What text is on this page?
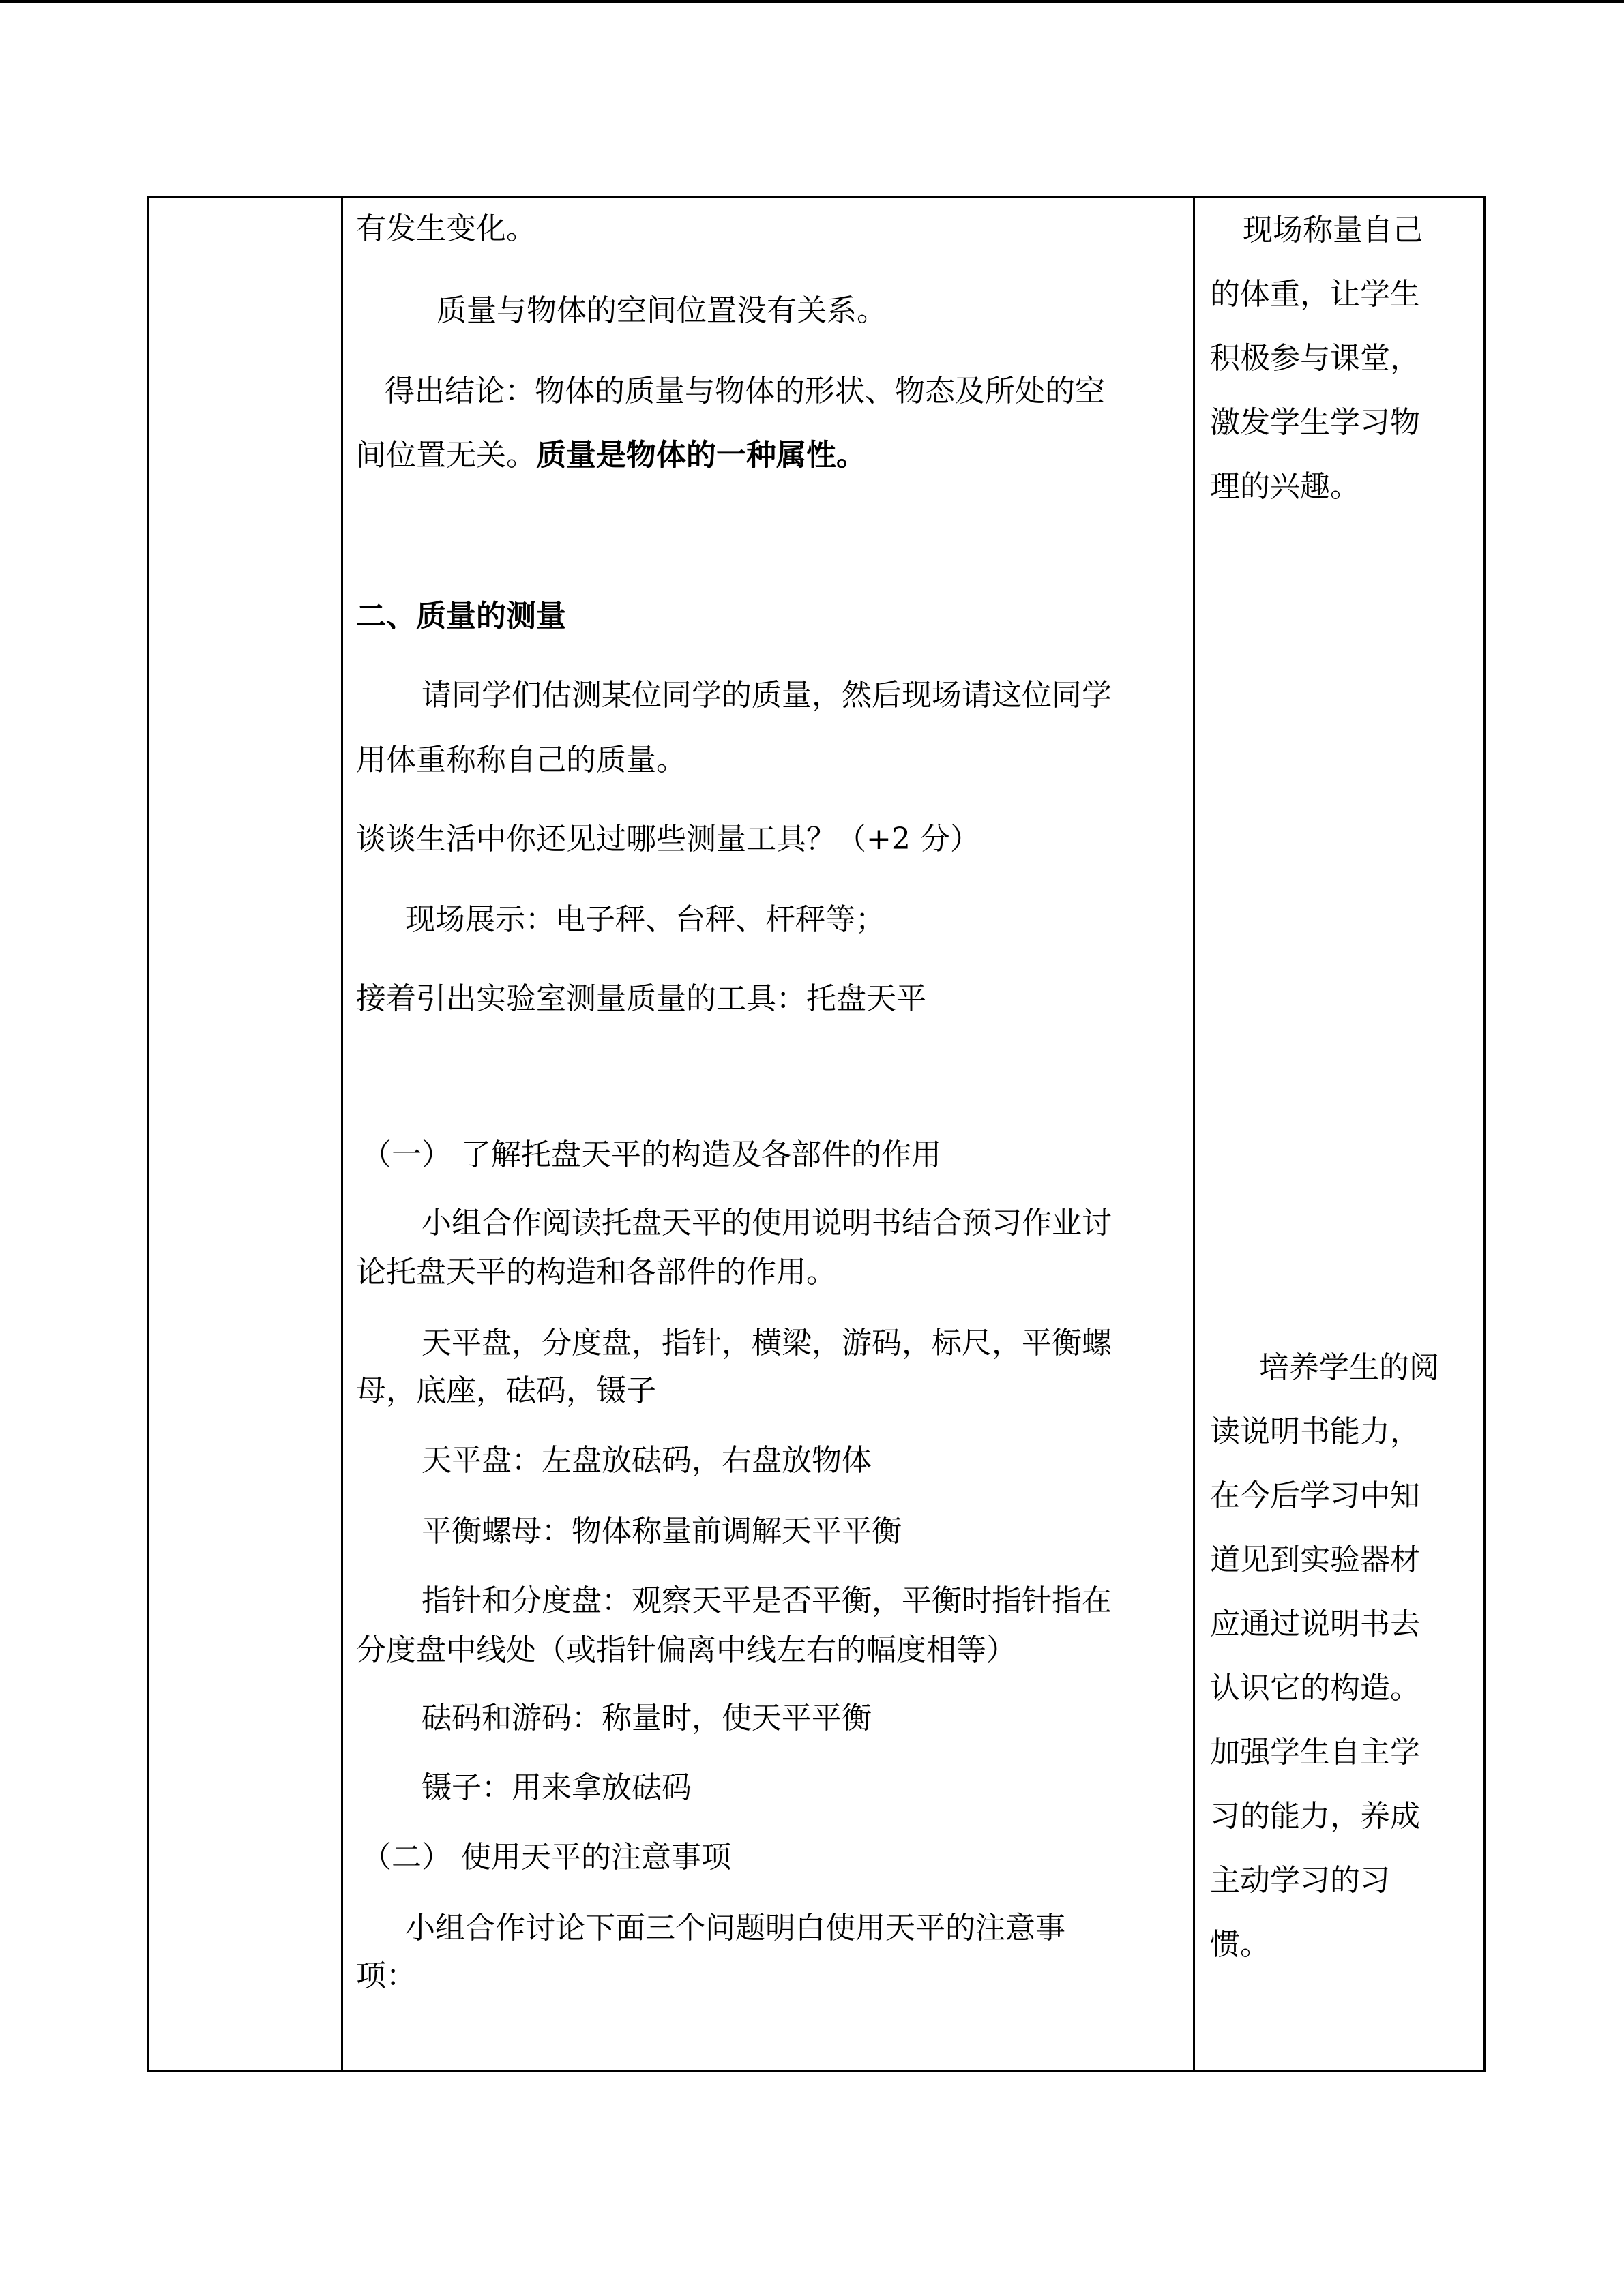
有发生变化。
质量与物体的空间位置没有关系。
得出结论：物体的质量与物体的形状、物态及所处的空
间位置无关。质量是物体的一种属性。
二、质量的测量
请同学们估测某位同学的质量，然后现场请这位同学
用体重称称自己的质量。
谈谈生活中你还见过哪些测量工具？（+2 分）
现场展示：电子秤、台秤、杆秤等；
接着引出实验室测量质量的工具：托盘天平
（一） 了解托盘天平的构造及各部件的作用
小组合作阅读托盘天平的使用说明书结合预习作业讨
论托盘天平的构造和各部件的作用。
天平盘，分度盘，指针，横梁，游码，标尺，平衡螺
母，底座，砝码，镊子
天平盘：左盘放砝码，右盘放物体
平衡螺母：物体称量前调解天平平衡
指针和分度盘：观察天平是否平衡，平衡时指针指在
分度盘中线处（或指针偏离中线左右的幅度相等）
砝码和游码：称量时，使天平平衡
镊子：用来拿放砝码
（二） 使用天平的注意事项
小组合作讨论下面三个问题明白使用天平的注意事
项：
现场称量自己
的体重，让学生
积极参与课堂，
激发学生学习物
理的兴趣。
培养学生的阅
读说明书能力，
在今后学习中知
道见到实验器材
应通过说明书去
认识它的构造。
加强学生自主学
习的能力，养成
主动学习的习
惯。
